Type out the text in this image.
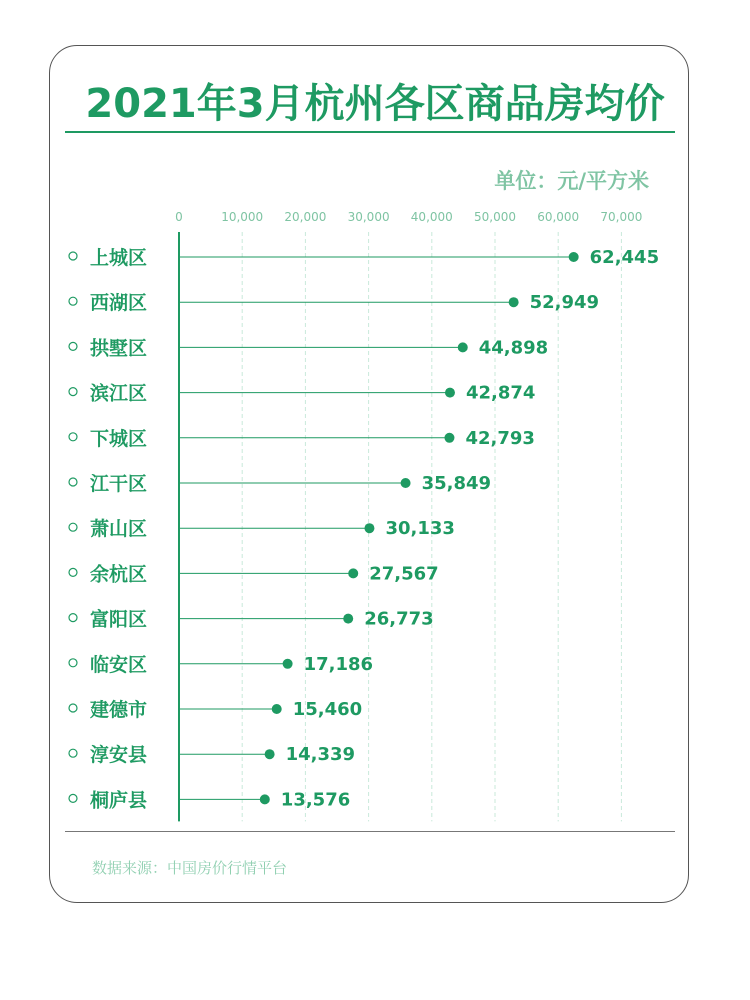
2021年3月杭州各区商品房均价
单位：元/平方米
0	10,000 20,000 30,000 40,000 50,000 60,000 70,000
上城区	62,445
西湖区	52,949
拱墅区	44,898
滨江区	42,874
下城区	42,793
江干区	35,849
萧山区	30,133
余杭区	27,567
富阳区	26,773
临安区	17,186
建德市	15,460
淳安县	14,339
桐庐县	13,576
数据来源：中国房价行情平台
